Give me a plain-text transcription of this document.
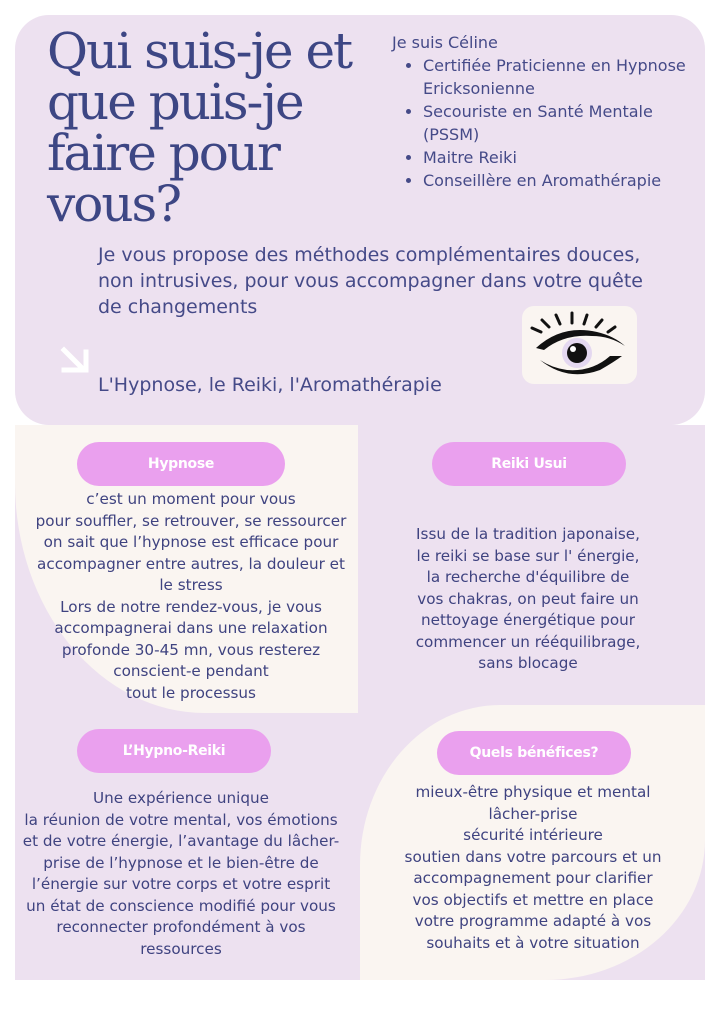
Qui suis-je et que puis-je faire pour vous?
Je suis Céline
• Certifiée Praticienne en Hypnose Ericksonienne
• Secouriste en Santé Mentale (PSSM)
• Maitre Reiki
• Conseillère en Aromathérapie
Je vous propose des méthodes complémentaires douces, non intrusives, pour vous accompagner dans votre quête de changements
L'Hypnose, le Reiki, l'Aromathérapie
Hypnose
c’est un moment pour vous
pour souffler, se retrouver, se ressourcer
on sait que l’hypnose est efficace pour
accompagner entre autres, la douleur et
le stress
Lors de notre rendez-vous, je vous
accompagnerai dans une relaxation
profonde 30-45 mn, vous resterez
conscient-e pendant
tout le processus
Reiki Usui
Issu de la tradition japonaise,
le reiki se base sur l' énergie,
la recherche d'équilibre de
vos chakras, on peut faire un
nettoyage énergétique pour
commencer un rééquilibrage,
sans blocage
L’Hypno-Reiki
Une expérience unique
la réunion de votre mental, vos émotions
et de votre énergie, l’avantage du lâcher-
prise de l’hypnose et le bien-être de
l’énergie sur votre corps et votre esprit
un état de conscience modifié pour vous
reconnecter profondément à vos
ressources
Quels bénéfices?
mieux-être physique et mental
lâcher-prise
sécurité intérieure
soutien dans votre parcours et un
accompagnement pour clarifier
vos objectifs et mettre en place
votre programme adapté à vos
souhaits et à votre situation
